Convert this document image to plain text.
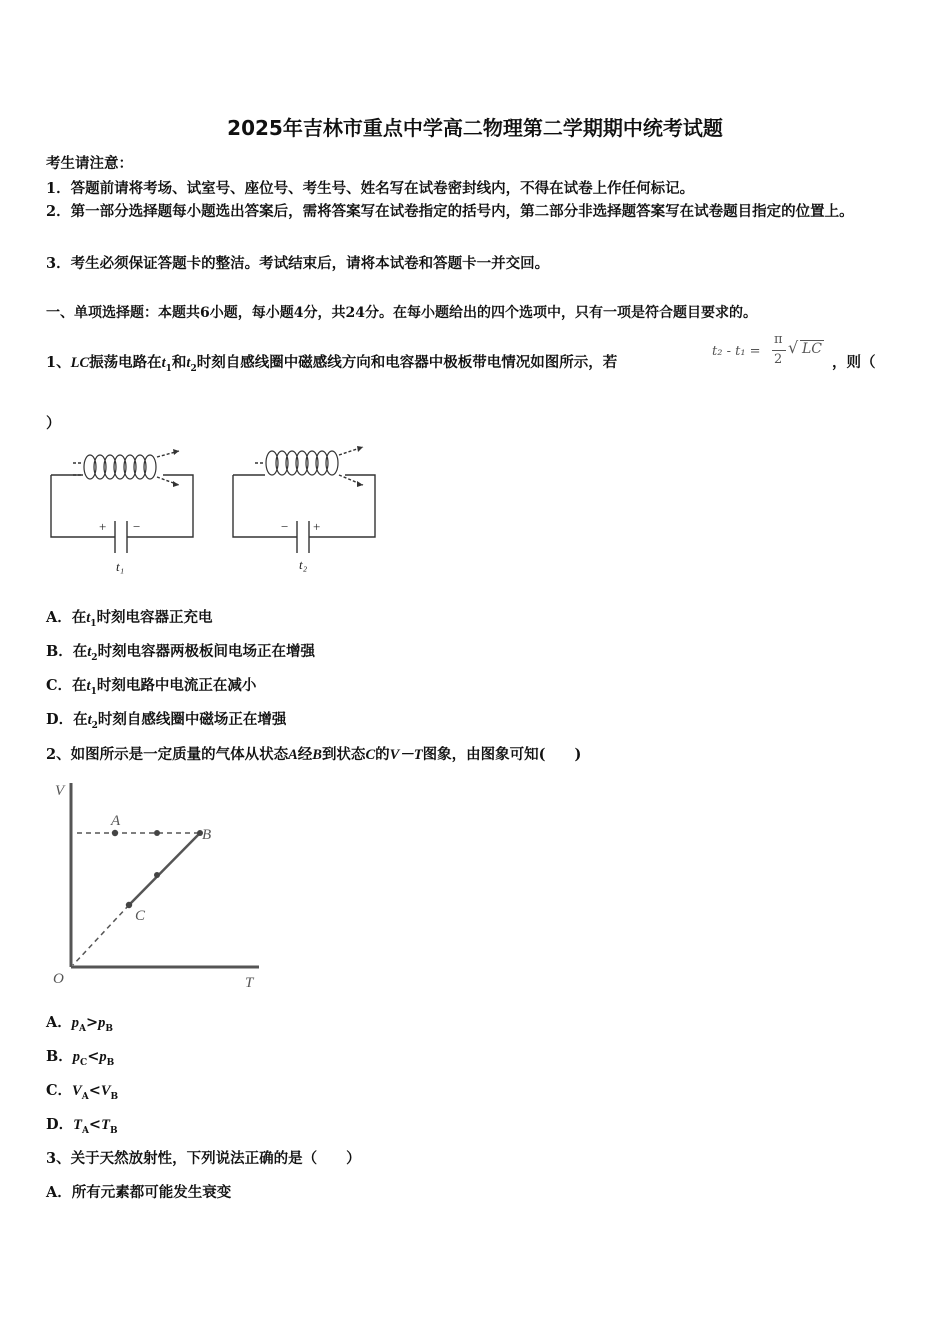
2025年吉林市重点中学高二物理第二学期期中统考试题
考生请注意：
1．答题前请将考场、试室号、座位号、考生号、姓名写在试卷密封线内，不得在试卷上作任何标记。
2．第一部分选择题每小题选出答案后，需将答案写在试卷指定的括号内，第二部分非选择题答案写在试卷题目指定的位置上。
3．考生必须保证答题卡的整洁。考试结束后，请将本试卷和答题卡一并交回。
一、单项选择题：本题共6小题，每小题4分，共24分。在每小题给出的四个选项中，只有一项是符合题目要求的。
1、LC振荡电路在$t_1$和$t_2$时刻自感线圈中磁感线方向和电容器中极板带电情况如图所示，若
t₂ - t₁ =
π
2
√ LC
，则（
）
+ −	− +
t₁	t₂
A．在$t_1$时刻电容器正充电
B．在$t_2$时刻电容器两极板间电场正在增强
C．在$t_1$时刻电路中电流正在减小
D．在$t_2$时刻自感线圈中磁场正在增强
2、如图所示是一定质量的气体从状态A经B到状态C的V－T图象，由图象可知(　　)
V
T
O
A
B
C
A．$p_A>p_B$
B．$p_C<p_B$
C．$V_A<V_B$
D．$T_A<T_B$
3、关于天然放射性，下列说法正确的是（　　）
A．所有元素都可能发生衰变
